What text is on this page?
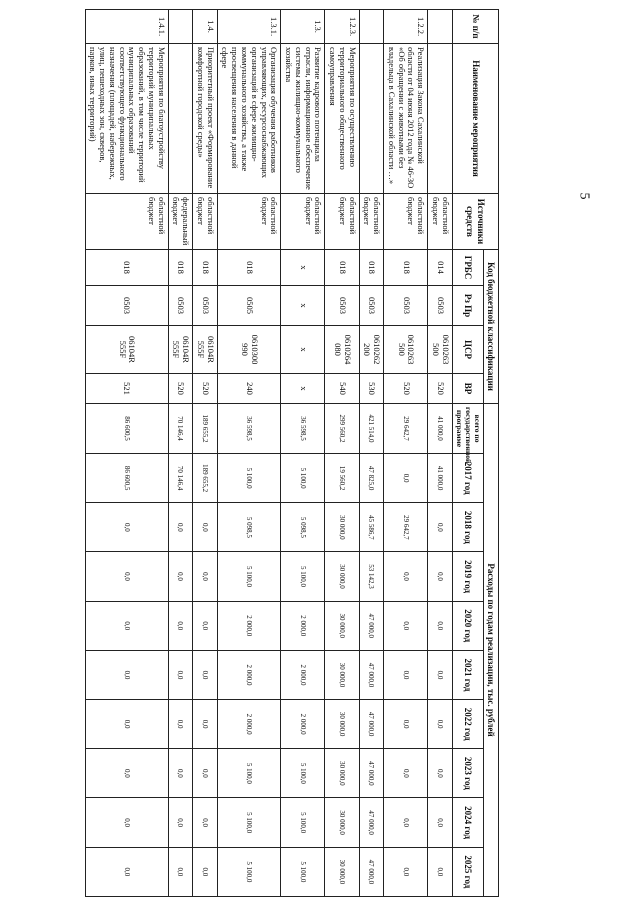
5
№ п/п	Наименование мероприятия	Источники средств	Код бюджетной классификации				Расходы по годам реализации, тыс. рублей									
			ГРБС	Рз Пр	ЦСР	ВР	всего по государственной программе	2017 год	2018 год	2019 год	2020 год	2021 год	2022 год	2023 год	2024 год	2025 год

		областной бюджет	014	0503	0610263 500	520	41 000,0	41 000,0	0,0	0,0	0,0	0,0	0,0	0,0	0,0	0,0
1.2.2.	Реализация Закона Сахалинской области от 04 июня 2012 года № 46-ЗО «Об обращении с животными без владельца в Сахалинской области …»	областной бюджет	018	0503	0610263 500	520	29 642,7	0,0	29 642,7	0,0	0,0	0,0	0,0	0,0	0,0	0,0
		областной бюджет	018	0503	0610262 200	530	421 514,0	47 825,0	45 586,7	53 142,3	47 000,0	47 000,0	47 000,0	47 000,0	47 000,0	47 000,0
1.2.3.	Мероприятия по осуществлению территориального общественного самоуправления	областной бюджет	018	0503	0610264 080	540	299 560,2	19 560,2	30 000,0	30 000,0	30 000,0	30 000,0	30 000,0	30 000,0	30 000,0	30 000,0
1.3.	Развитие кадрового потенциала отрасли, информационное обеспечение системы жилищно-коммунального хозяйства	областной бюджет	х	х	х	х	36 598,5	5 100,0	5 098,5	5 100,0	2 000,0	2 000,0	2 000,0	5 100,0	5 100,0	5 100,0
1.3.1.	Организация обучения работников управляющих, ресурсоснабжающих организаций в сфере жилищно-коммунального хозяйства, а также просвещения населения в данной сфере	областной бюджет	018	0505	0610300 990	240	36 598,5	5 100,0	5 098,5	5 100,0	2 000,0	2 000,0	2 000,0	5 100,0	5 100,0	5 100,0
1.4.	Приоритетный проект «Формирование комфортной городской среды»	областной бюджет	018	0503	06104R 555F	520	189 655,2	189 655,2	0,0	0,0	0,0	0,0	0,0	0,0	0,0	0,0
		федеральный бюджет	018	0503	06104R 555F	520	70 146,4	70 146,4	0,0	0,0	0,0	0,0	0,0	0,0	0,0	0,0
1.4.1.	Мероприятия по благоустройству территорий муниципальных образований, в том числе территорий муниципальных образований соответствующего функционального назначения (площадей, набережных, улиц, пешеходных зон, скверов, парков, иных территорий)	областной бюджет	018	0503	06104R 555F	521	86 600,5	86 600,5	0,0	0,0	0,0	0,0	0,0	0,0	0,0	0,0
